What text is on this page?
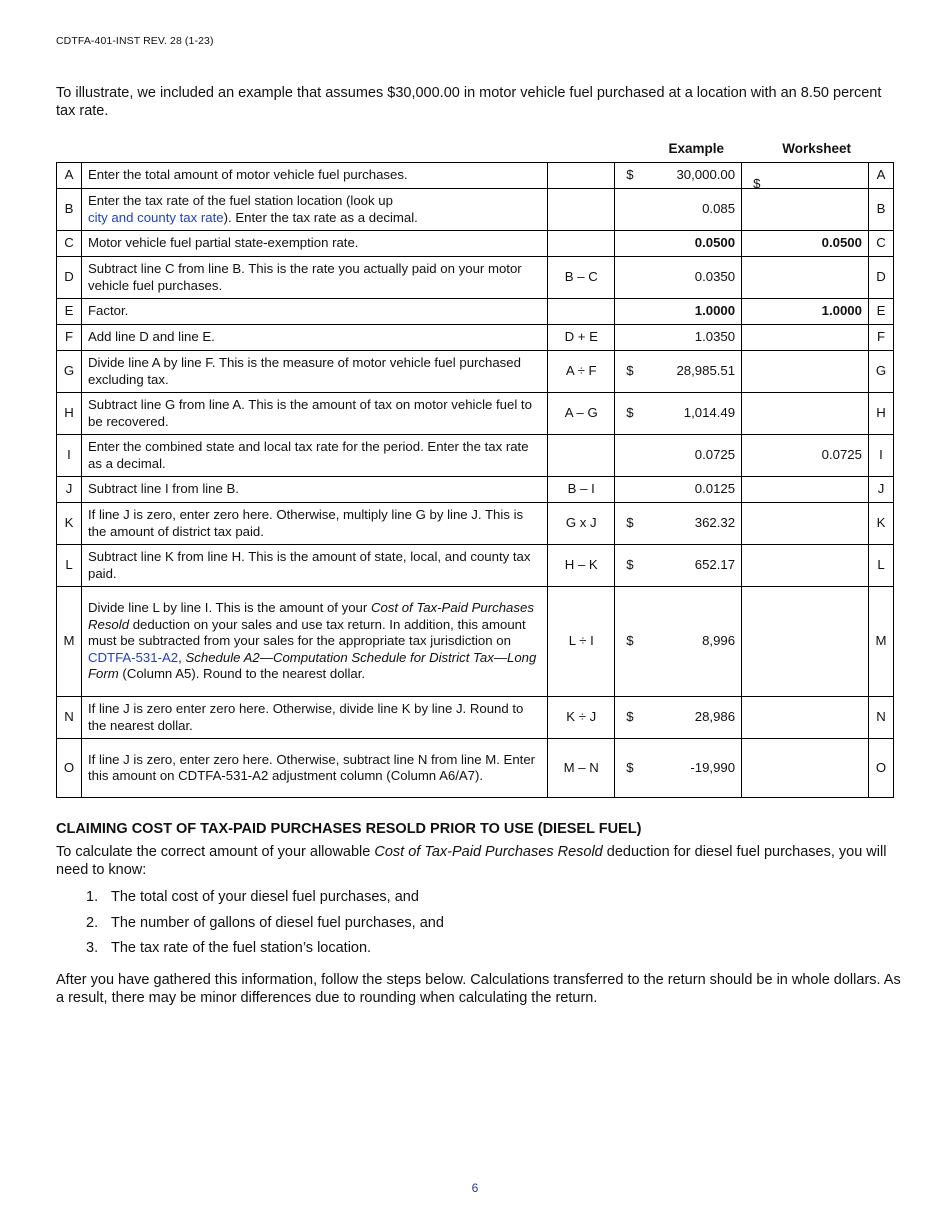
CDTFA-401-INST REV. 28 (1-23)
To illustrate, we included an example that assumes $30,000.00 in motor vehicle fuel purchased at a location with an 8.50 percent tax rate.
Example	Worksheet
A	Enter the total amount of motor vehicle fuel purchases.		$ 30,000.00	$	A
B	Enter the tax rate of the fuel station location (look up
city and county tax rate). Enter the tax rate as a decimal.		0.085		B
C	Motor vehicle fuel partial state-exemption rate.		0.0500	0.0500	C
D	Subtract line C from line B. This is the rate you actually paid on your motor vehicle fuel purchases.	B – C	0.0350		D
E	Factor.		1.0000	1.0000	E
F	Add line D and line E.	D + E	1.0350		F
G	Divide line A by line F. This is the measure of motor vehicle fuel purchased excluding tax.	A ÷ F	$ 28,985.51		G
H	Subtract line G from line A. This is the amount of tax on motor vehicle fuel to be recovered.	A – G	$ 1,014.49		H
I	Enter the combined state and local tax rate for the period. Enter the tax rate as a decimal.		0.0725	0.0725	I
J	Subtract line I from line B.	B – I	0.0125		J
K	If line J is zero, enter zero here. Otherwise, multiply line G by line J. This is the amount of district tax paid.	G x J	$ 362.32		K
L	Subtract line K from line H. This is the amount of state, local, and county tax paid.	H – K	$ 652.17		L
M	Divide line L by line I. This is the amount of your Cost of Tax-Paid Purchases Resold deduction on your sales and use tax return. In addition, this amount must be subtracted from your sales for the appropriate tax jurisdiction on CDTFA-531-A2, Schedule A2—Computation Schedule for District Tax—Long Form (Column A5). Round to the nearest dollar.	L ÷ I	$ 8,996		M
N	If line J is zero enter zero here. Otherwise, divide line K by line J. Round to the nearest dollar.	K ÷ J	$ 28,986		N
O	If line J is zero, enter zero here. Otherwise, subtract line N from line M. Enter this amount on CDTFA-531-A2 adjustment column (Column A6/A7).	M – N	$ -19,990		O
CLAIMING COST OF TAX-PAID PURCHASES RESOLD PRIOR TO USE (DIESEL FUEL)
To calculate the correct amount of your allowable Cost of Tax-Paid Purchases Resold deduction for diesel fuel purchases, you will need to know:
1. The total cost of your diesel fuel purchases, and
2. The number of gallons of diesel fuel purchases, and
3. The tax rate of the fuel station’s location.
After you have gathered this information, follow the steps below. Calculations transferred to the return should be in whole dollars. As a result, there may be minor differences due to rounding when calculating the return.
6
